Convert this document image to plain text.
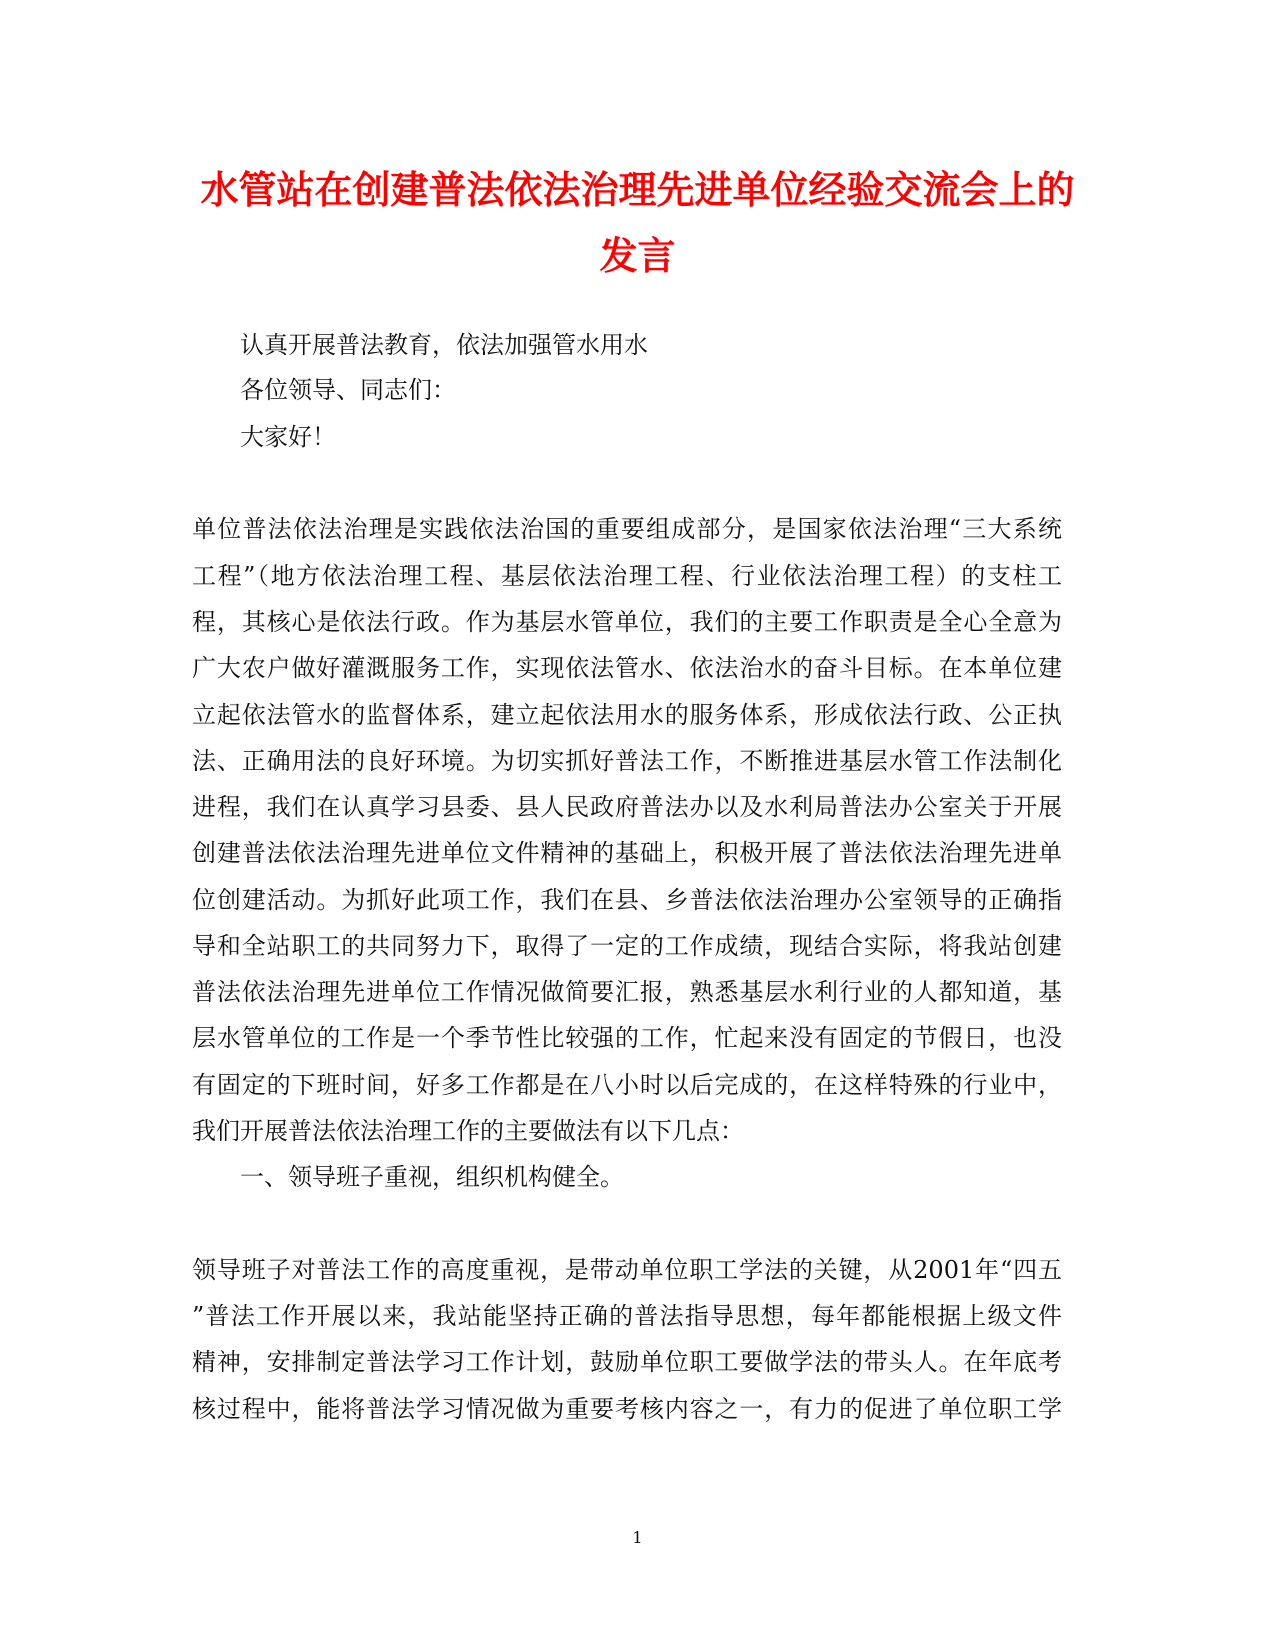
水管站在创建普法依法治理先进单位经验交流会上的
发言
认真开展普法教育，依法加强管水用水
各位领导、同志们：
大家好！
单位普法依法治理是实践依法治国的重要组成部分，是国家依法治理“三大系统
工程”（地方依法治理工程、基层依法治理工程、行业依法治理工程）的支柱工
程，其核心是依法行政。作为基层水管单位，我们的主要工作职责是全心全意为
广大农户做好灌溉服务工作，实现依法管水、依法治水的奋斗目标。在本单位建
立起依法管水的监督体系，建立起依法用水的服务体系，形成依法行政、公正执
法、正确用法的良好环境。为切实抓好普法工作，不断推进基层水管工作法制化
进程，我们在认真学习县委、县人民政府普法办以及水利局普法办公室关于开展
创建普法依法治理先进单位文件精神的基础上，积极开展了普法依法治理先进单
位创建活动。为抓好此项工作，我们在县、乡普法依法治理办公室领导的正确指
导和全站职工的共同努力下，取得了一定的工作成绩，现结合实际，将我站创建
普法依法治理先进单位工作情况做简要汇报，熟悉基层水利行业的人都知道，基
层水管单位的工作是一个季节性比较强的工作，忙起来没有固定的节假日，也没
有固定的下班时间，好多工作都是在八小时以后完成的，在这样特殊的行业中，
我们开展普法依法治理工作的主要做法有以下几点：
一、领导班子重视，组织机构健全。
领导班子对普法工作的高度重视，是带动单位职工学法的关键，从2001年“四五
”普法工作开展以来，我站能坚持正确的普法指导思想，每年都能根据上级文件
精神，安排制定普法学习工作计划，鼓励单位职工要做学法的带头人。在年底考
核过程中，能将普法学习情况做为重要考核内容之一，有力的促进了单位职工学
1
